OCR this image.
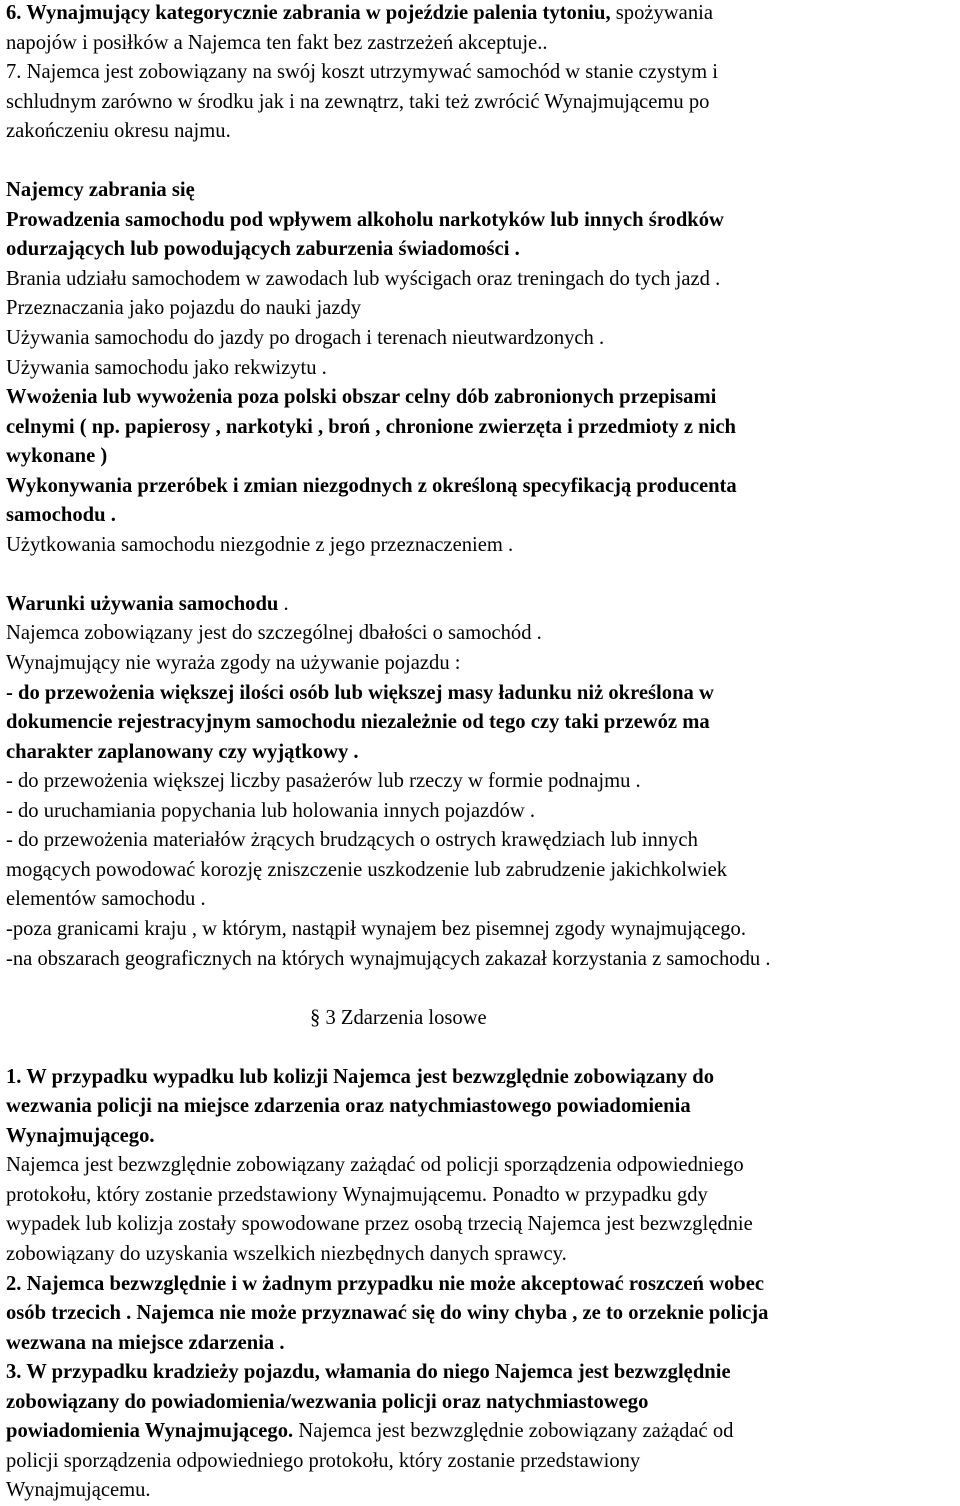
6. Wynajmujący kategorycznie zabrania w pojeździe palenia tytoniu, spożywania
napojów i posiłków a Najemca ten fakt bez zastrzeżeń akceptuje..
7. Najemca jest zobowiązany na swój koszt utrzymywać samochód w stanie czystym i
schludnym zarówno w środku jak i na zewnątrz, taki też zwrócić Wynajmującemu po
zakończeniu okresu najmu.
Najemcy zabrania się
Prowadzenia samochodu pod wpływem alkoholu narkotyków lub innych środków
odurzających lub powodujących zaburzenia świadomości .
Brania udziału samochodem w zawodach lub wyścigach oraz treningach do tych jazd .
Przeznaczania jako pojazdu do nauki jazdy
Używania samochodu do jazdy po drogach i terenach nieutwardzonych .
Używania samochodu jako rekwizytu .
Wwożenia lub wywożenia poza polski obszar celny dób zabronionych przepisami
celnymi ( np. papierosy , narkotyki , broń , chronione zwierzęta i przedmioty z nich
wykonane )
Wykonywania przeróbek i zmian niezgodnych z określoną specyfikacją producenta
samochodu .
Użytkowania samochodu niezgodnie z jego przeznaczeniem .
Warunki używania samochodu .
Najemca zobowiązany jest do szczególnej dbałości o samochód .
Wynajmujący nie wyraża zgody na używanie pojazdu :
- do przewożenia większej ilości osób lub większej masy ładunku niż określona w
dokumencie rejestracyjnym samochodu niezależnie od tego czy taki przewóz ma
charakter zaplanowany czy wyjątkowy .
- do przewożenia większej liczby pasażerów lub rzeczy w formie podnajmu .
- do uruchamiania popychania lub holowania innych pojazdów .
- do przewożenia materiałów żrących brudzących o ostrych krawędziach lub innych
mogących powodować korozję zniszczenie uszkodzenie lub zabrudzenie jakichkolwiek
elementów samochodu .
-poza granicami kraju , w którym, nastąpił wynajem bez pisemnej zgody wynajmującego.
-na obszarach geograficznych na których wynajmujących zakazał korzystania z samochodu .
§ 3 Zdarzenia losowe
1. W przypadku wypadku lub kolizji Najemca jest bezwzględnie zobowiązany do
wezwania policji na miejsce zdarzenia oraz natychmiastowego powiadomienia
Wynajmującego.
Najemca jest bezwzględnie zobowiązany zażądać od policji sporządzenia odpowiedniego
protokołu, który zostanie przedstawiony Wynajmującemu. Ponadto w przypadku gdy
wypadek lub kolizja zostały spowodowane przez osobą trzecią Najemca jest bezwzględnie
zobowiązany do uzyskania wszelkich niezbędnych danych sprawcy.
2. Najemca bezwzględnie i w żadnym przypadku nie może akceptować roszczeń wobec
osób trzecich . Najemca nie może przyznawać się do winy chyba , ze to orzeknie policja
wezwana na miejsce zdarzenia .
3. W przypadku kradzieży pojazdu, włamania do niego Najemca jest bezwzględnie
zobowiązany do powiadomienia/wezwania policji oraz natychmiastowego
powiadomienia Wynajmującego. Najemca jest bezwzględnie zobowiązany zażądać od
policji sporządzenia odpowiedniego protokołu, który zostanie przedstawiony
Wynajmującemu.
